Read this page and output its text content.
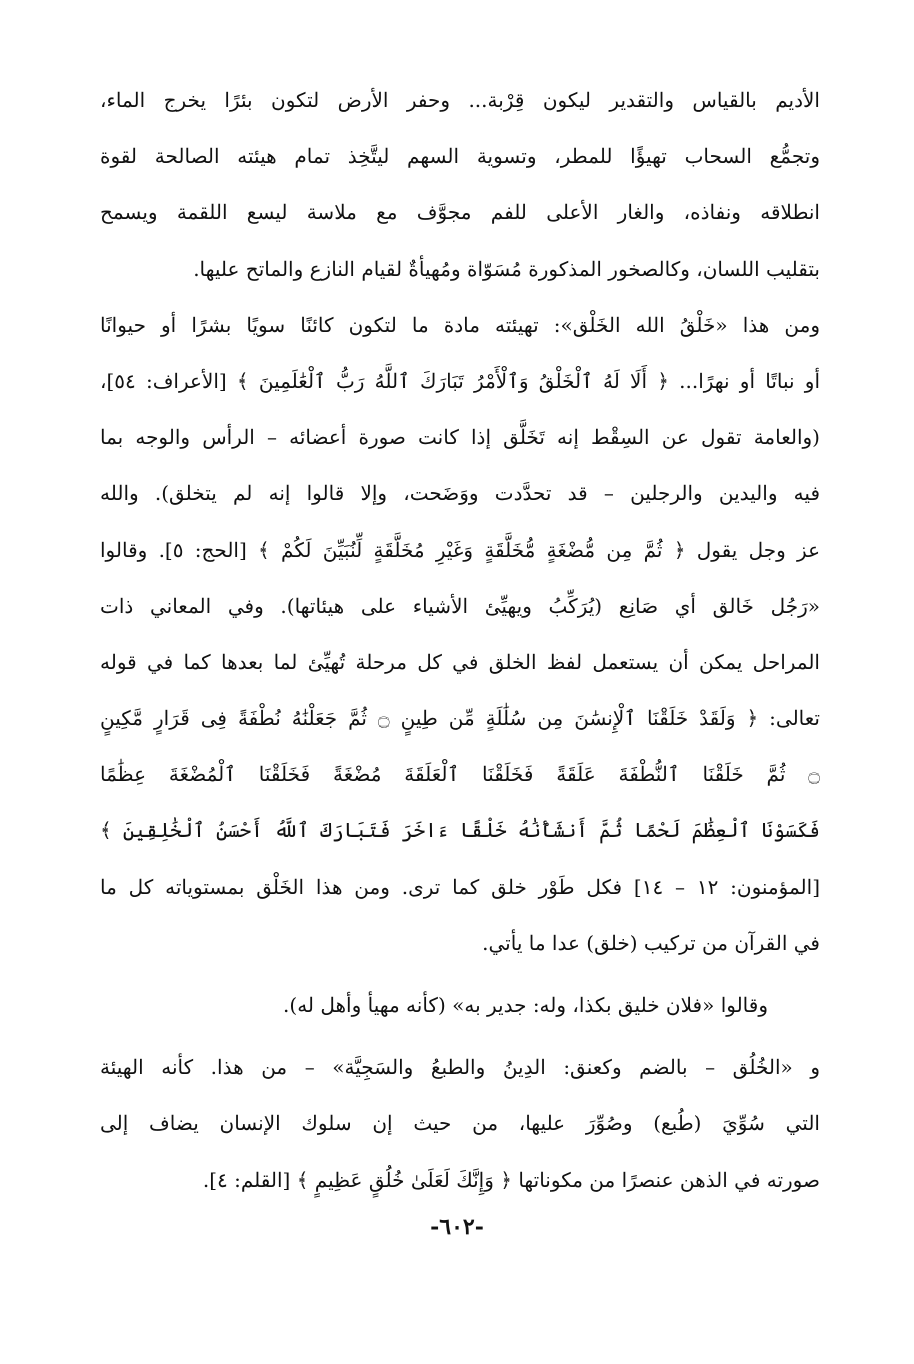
الأديم بالقياس والتقدير ليكون قِرْبة... وحفر الأرض لتكون بئرًا يخرج الماء،
وتجمُّع السحاب تهيؤًا للمطر، وتسوية السهم ليتَّخِذ تمام هيئته الصالحة لقوة
انطلاقه ونفاذه، والغار الأعلى للفم مجوَّف مع ملاسة ليسع اللقمة ويسمح
بتقليب اللسان، وكالصخور المذكورة مُسَوّاة ومُهيأةٌ لقيام النازع والماتح عليها.
ومن هذا «خَلْقُ الله الخَلْق»: تهيئته مادة ما لتكون كائنًا سويًا بشرًا أو حيوانًا
أو نباتًا أو نهرًا... ﴿ أَلَا لَهُ ٱلْخَلْقُ وَٱلْأَمْرُ تَبَارَكَ ٱللَّهُ رَبُّ ٱلْعَٰلَمِينَ ﴾ [الأعراف: ٥٤]،
(والعامة تقول عن السِقْط إنه تَخَلَّق إذا كانت صورة أعضائه – الرأس والوجه بما
فيه واليدين والرجلين – قد تحدَّدت ووَضَحت، وإلا قالوا إنه لم يتخلق). والله
عز وجل يقول ﴿ ثُمَّ مِن مُّضْغَةٍ مُّخَلَّقَةٍ وَغَيْرِ مُخَلَّقَةٍ لِّنُبَيِّنَ لَكُمْ ﴾ [الحج: ٥]. وقالوا
«رَجُل خَالق أي صَانِع (يُرَكِّبُ ويهيِّئ الأشياء على هيئاتها). وفي المعاني ذات
المراحل يمكن أن يستعمل لفظ الخلق في كل مرحلة تُهيِّئ لما بعدها كما في قوله
تعالى: ﴿ وَلَقَدْ خَلَقْنَا ٱلْإِنسَٰنَ مِن سُلَٰلَةٍ مِّن طِينٍ ۝ ثُمَّ جَعَلْنَٰهُ نُطْفَةً فِى قَرَارٍ مَّكِينٍ
۝ ثُمَّ خَلَقْنَا ٱلنُّطْفَةَ عَلَقَةً فَخَلَقْنَا ٱلْعَلَقَةَ مُضْغَةً فَخَلَقْنَا ٱلْمُضْغَةَ عِظَٰمًا
فَكَسَوْنَا ٱلْعِظَٰمَ لَحْمًا ثُمَّ أَنشَأْنَٰهُ خَلْقًا ءَاخَرَ فَتَبَارَكَ ٱللَّهُ أَحْسَنُ ٱلْخَٰلِقِينَ ﴾
[المؤمنون: ١٢ – ١٤] فكل طَوْر خلق كما ترى. ومن هذا الخَلْق بمستوياته كل ما
في القرآن من تركيب (خلق) عدا ما يأتي.
وقالوا «فلان خليق بكذا، وله: جدير به» (كأنه مهيأ وأهل له).
و «الخُلُق – بالضم وكعنق: الدِينُ والطبعُ والسَجِيَّة» – من هذا. كأنه الهيئة
التي سُوِّيَ (طُبع) وصُوِّرَ عليها، من حيث إن سلوك الإنسان يضاف إلى
صورته في الذهن عنصرًا من مكوناتها ﴿ وَإِنَّكَ لَعَلَىٰ خُلُقٍ عَظِيمٍ ﴾ [القلم: ٤].
-٦٠٢-
